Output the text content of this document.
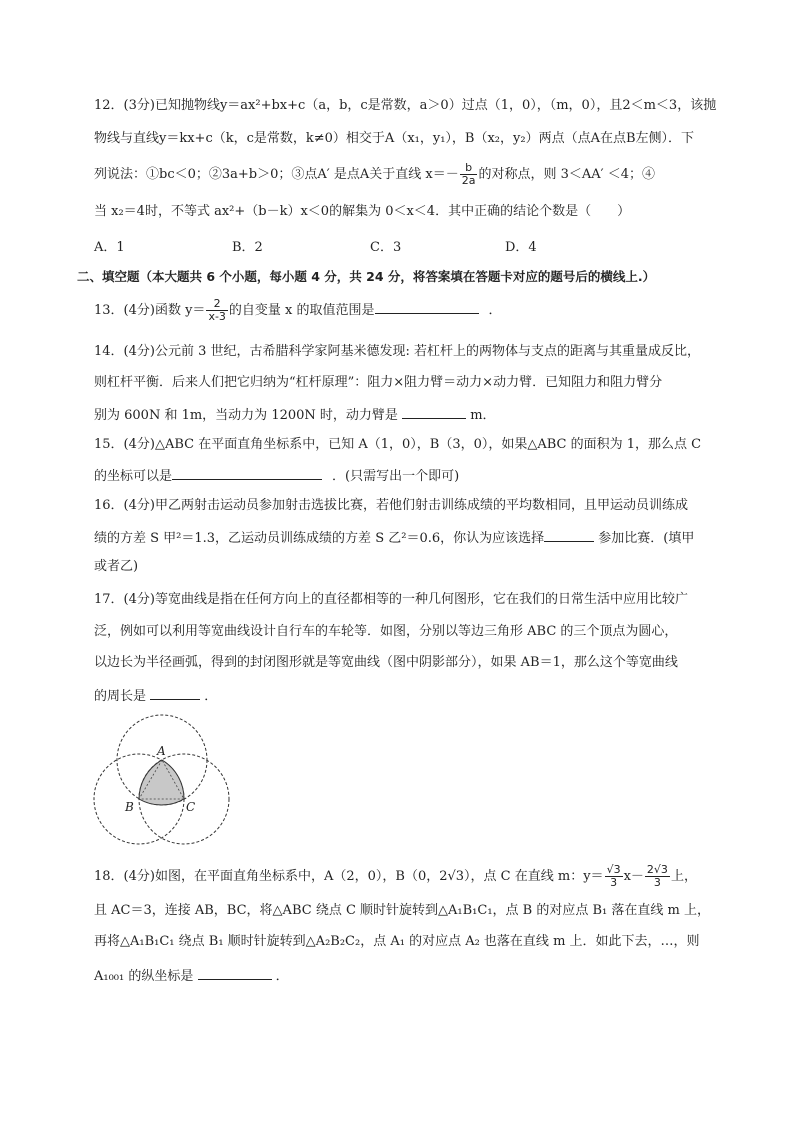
12．(3分)已知抛物线y＝ax²+bx+c（a，b，c是常数，a＞0）过点（1，0），（m，0），且2＜m＜3，该抛
物线与直线y＝kx+c（k，c是常数，k≠0）相交于A（x₁，y₁），B（x₂，y₂）两点（点A在点B左侧）．下
列说法：①bc＜0；②3a+b＞0；③点A′ 是点A关于直线 $x=- \frac{b}{2a}$ 的对称点，则 3＜AA′ ＜4；④
当 x₂＝4时，不等式 ax²+（b－k）x＜0的解集为 0＜x＜4．其中正确的结论个数是（　　）
A．1	B．2	C．3	D．4
二、填空题（本大题共 6 个小题，每小题 4 分，共 24 分，将答案填在答题卡对应的题号后的横线上.）
13．(4分)函数 $y= \frac{2}{x-3}$ 的自变量 x 的取值范围是	．
14．(4分)公元前 3 世纪，古希腊科学家阿基米德发现: 若杠杆上的两物体与支点的距离与其重量成反比，
则杠杆平衡．后来人们把它归纳为“杠杆原理”：阻力×阻力臂＝动力×动力臂．已知阻力和阻力臂分
别为 600N 和 1m，当动力为 1200N 时，动力臂是	m．
15．(4分)△ABC 在平面直角坐标系中，已知 A（1，0），B（3，0），如果△ABC 的面积为 1，那么点 C
的坐标可以是	．(只需写出一个即可)
16．(4分)甲乙两射击运动员参加射击选拔比赛，若他们射击训练成绩的平均数相同，且甲运动员训练成
绩的方差 S 甲²＝1.3，乙运动员训练成绩的方差 S 乙²＝0.6，你认为应该选择	参加比赛．(填甲
或者乙)
17．(4分)等宽曲线是指在任何方向上的直径都相等的一种几何图形，它在我们的日常生活中应用比较广
泛，例如可以利用等宽曲线设计自行车的车轮等．如图，分别以等边三角形 ABC 的三个顶点为圆心，
以边长为半径画弧，得到的封闭图形就是等宽曲线（图中阴影部分），如果 AB＝1，那么这个等宽曲线
的周长是	．
A
B	C
18．(4分)如图，在平面直角坐标系中，A（2，0），B（0，2√3），点 C 在直线 m：$y= \frac{√3}{3} x- \frac{2√3}{3}$ 上，
且 AC＝3，连接 AB，BC，将△ABC 绕点 C 顺时针旋转到△A₁B₁C₁，点 B 的对应点 B₁ 落在直线 m 上，
再将△A₁B₁C₁ 绕点 B₁ 顺时针旋转到△A₂B₂C₂，点 A₁ 的对应点 A₂ 也落在直线 m 上．如此下去，…，则
A₁₀₀₁ 的纵坐标是	．
